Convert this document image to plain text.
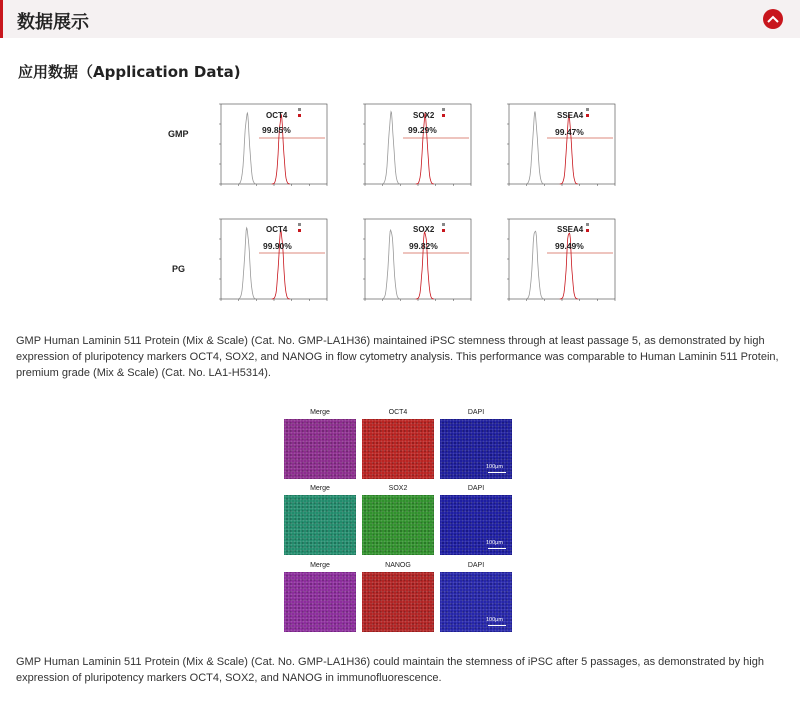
数据展示
应用数据（Application Data)
GMP
PG
OCT4
99.85%
SOX2
99.29%
SSEA4
99.47%
OCT4
99.90%
SOX2
99.82%
SSEA4
99.49%
GMP Human Laminin 511 Protein (Mix & Scale) (Cat. No. GMP-LA1H36) maintained iPSC stemness through at least passage 5, as demonstrated by high expression of pluripotency markers OCT4, SOX2, and NANOG in flow cytometry analysis. This performance was comparable to Human Laminin 511 Protein, premium grade (Mix & Scale) (Cat. No. LA1-H5314).
Merge	OCT4	DAPI
100μm
Merge	SOX2	DAPI
100μm
Merge	NANOG	DAPI
100μm
GMP Human Laminin 511 Protein (Mix & Scale) (Cat. No. GMP-LA1H36) could maintain the stemness of iPSC after 5 passages, as demonstrated by high expression of pluripotency markers OCT4, SOX2, and NANOG in immunofluorescence.
